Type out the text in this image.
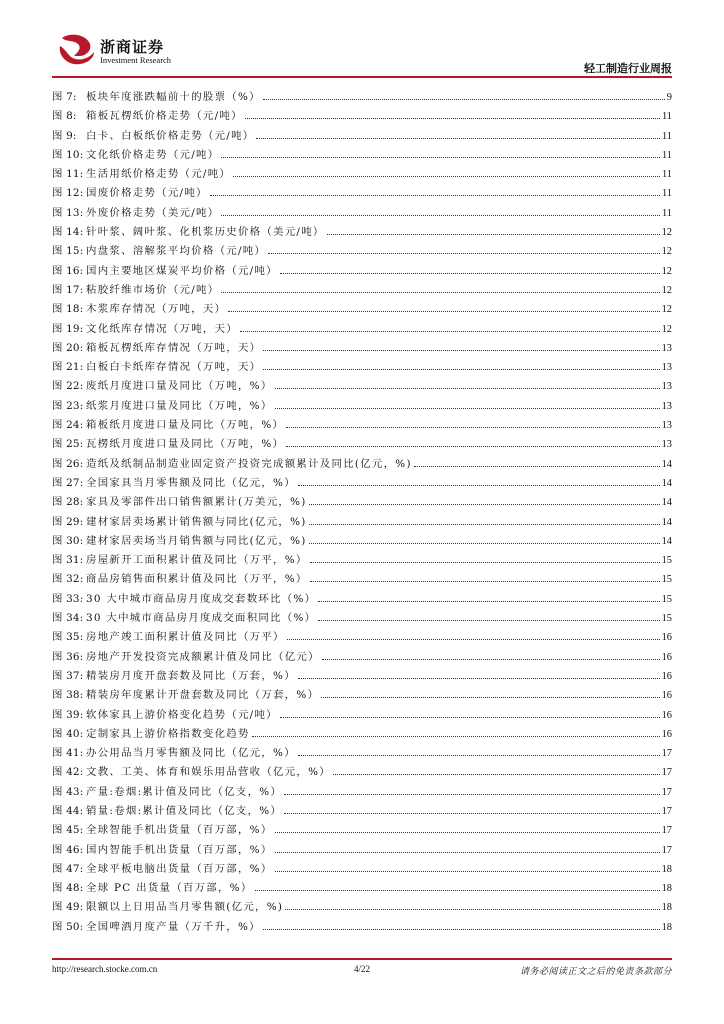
浙商证券
Investment Research
轻工制造行业周报
图 7: 板块年度涨跌幅前十的股票（%）	9
图 8: 箱板瓦楞纸价格走势（元/吨）	11
图 9: 白卡、白板纸价格走势（元/吨）	11
图 10: 文化纸价格走势（元/吨）	11
图 11: 生活用纸价格走势（元/吨）	11
图 12: 国废价格走势（元/吨）	11
图 13: 外废价格走势（美元/吨）	11
图 14: 针叶浆、阔叶浆、化机浆历史价格（美元/吨）	12
图 15: 内盘浆、溶解浆平均价格（元/吨）	12
图 16: 国内主要地区煤炭平均价格（元/吨）	12
图 17: 粘胶纤维市场价（元/吨）	12
图 18: 木浆库存情况（万吨，天）	12
图 19: 文化纸库存情况（万吨，天）	12
图 20: 箱板瓦楞纸库存情况（万吨，天）	13
图 21: 白板白卡纸库存情况（万吨，天）	13
图 22: 废纸月度进口量及同比（万吨，%）	13
图 23: 纸浆月度进口量及同比（万吨，%）	13
图 24: 箱板纸月度进口量及同比（万吨，%）	13
图 25: 瓦楞纸月度进口量及同比（万吨，%）	13
图 26: 造纸及纸制品制造业固定资产投资完成额累计及同比(亿元，%)	14
图 27: 全国家具当月零售额及同比（亿元，%）	14
图 28: 家具及零部件出口销售额累计(万美元，%)	14
图 29: 建材家居卖场累计销售额与同比(亿元，%)	14
图 30: 建材家居卖场当月销售额与同比(亿元，%)	14
图 31: 房屋新开工面积累计值及同比（万平，%）	15
图 32: 商品房销售面积累计值及同比（万平，%）	15
图 33: 30 大中城市商品房月度成交套数环比（%）	15
图 34: 30 大中城市商品房月度成交面积同比（%）	15
图 35: 房地产竣工面积累计值及同比（万平）	16
图 36: 房地产开发投资完成额累计值及同比（亿元）	16
图 37: 精装房月度开盘套数及同比（万套，%）	16
图 38: 精装房年度累计开盘套数及同比（万套，%）	16
图 39: 软体家具上游价格变化趋势（元/吨）	16
图 40: 定制家具上游价格指数变化趋势	16
图 41: 办公用品当月零售额及同比（亿元，%）	17
图 42: 文教、工美、体育和娱乐用品营收（亿元，%）	17
图 43: 产量:卷烟:累计值及同比（亿支，%）	17
图 44: 销量:卷烟:累计值及同比（亿支，%）	17
图 45: 全球智能手机出货量（百万部，%）	17
图 46: 国内智能手机出货量（百万部，%）	17
图 47: 全球平板电脑出货量（百万部，%）	18
图 48: 全球 PC 出货量（百万部，%）	18
图 49: 限额以上日用品当月零售额(亿元，%)	18
图 50: 全国啤酒月度产量（万千升，%）	18
http://research.stocke.com.cn	4/22	请务必阅读正文之后的免责条款部分
